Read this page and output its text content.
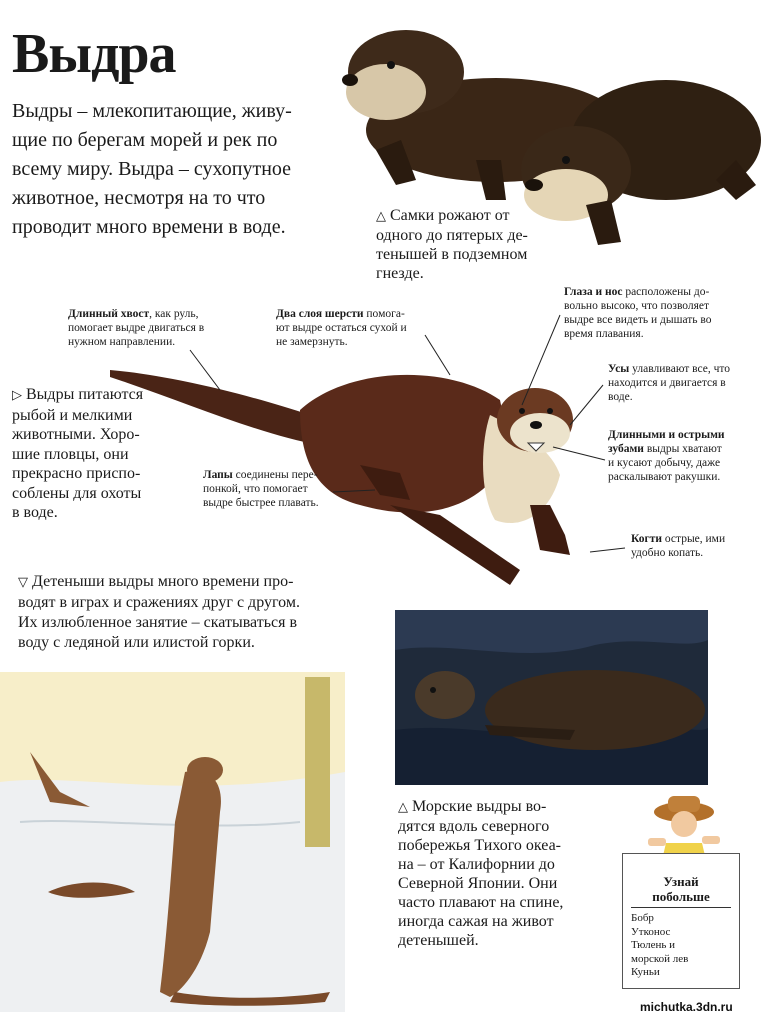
Выдра
Выдры – млекопитающие, живу-
щие по берегам морей и рек по
всему миру. Выдра – сухопутное
животное, несмотря на то что
проводит много времени в воде.	△ Самки рожают от
одного до пятерых де-
тенышей в подземном
гнезде.
▷ Выдры питаются
рыбой и мелкими
животными. Хоро-
шие пловцы, они
прекрасно приспо-
соблены для охоты
в воде.
Длинный хвост, как руль,
помогает выдре двигаться в
нужном направлении.
Два слоя шерсти помога-
ют выдре остаться сухой и
не замерзнуть.
Глаза и нос расположены до-
вольно высоко, что позволяет
выдре все видеть и дышать во
время плавания.
Усы улавливают все, что
находится и двигается в
воде.
Длинными и острыми
зубами выдры хватают
и кусают добычу, даже
раскалывают ракушки.
Лапы соединены пере-
понкой, что помогает
выдре быстрее плавать.
Когти острые, ими
удобно копать.
▽ Детеныши выдры много времени про-
водят в играх и сражениях друг с другом.
Их излюбленное занятие – скатываться в
воду с ледяной или илистой горки.
△ Морские выдры во-
дятся вдоль северного
побережья Тихого океа-
на – от Калифорнии до
Северной Японии. Они
часто плавают на спине,
иногда сажая на живот
детенышей.
Узнай
побольше
Бобр
Утконос
Тюлень и
морской лев
Куньи
michutka.3dn.ru
